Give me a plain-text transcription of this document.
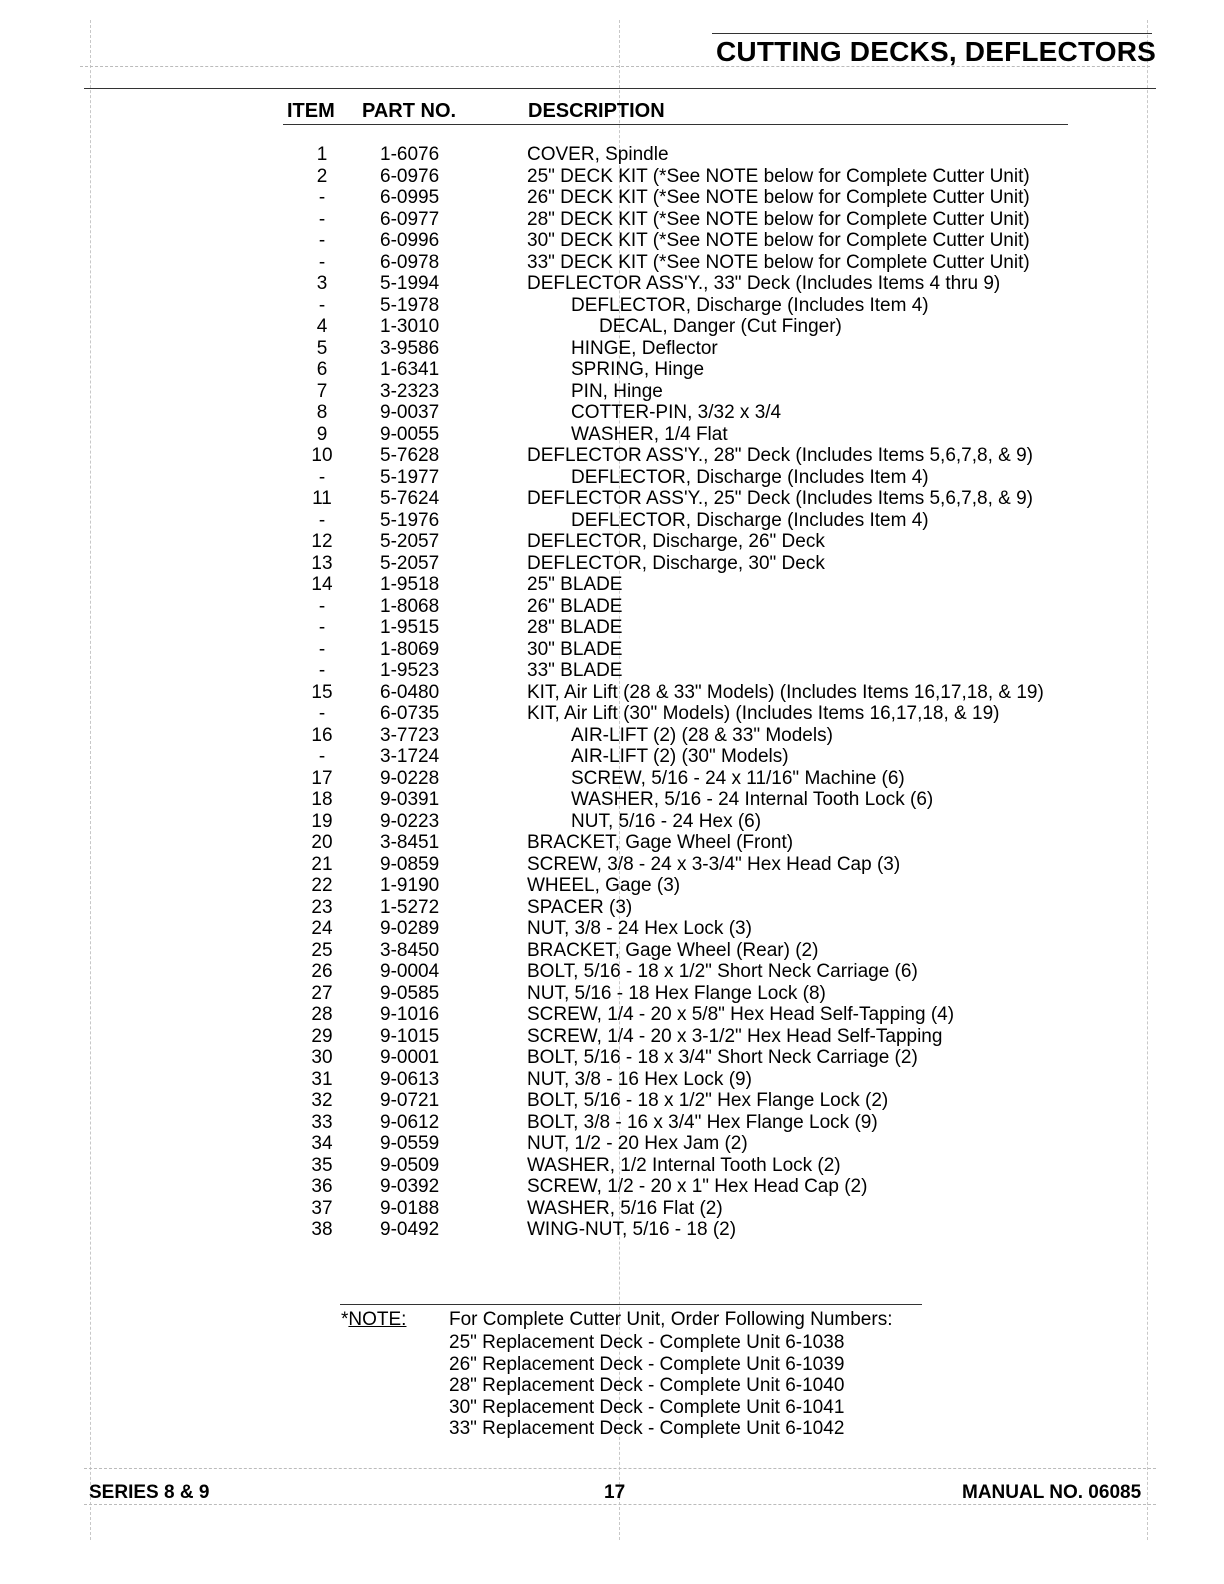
CUTTING DECKS, DEFLECTORS
ITEM PART NO.	DESCRIPTION
1	1-6076	COVER, Spindle
2	6-0976	25" DECK KIT (*See NOTE below for Complete Cutter Unit)
-	6-0995	26" DECK KIT (*See NOTE below for Complete Cutter Unit)
-	6-0977	28" DECK KIT (*See NOTE below for Complete Cutter Unit)
-	6-0996	30" DECK KIT (*See NOTE below for Complete Cutter Unit)
-	6-0978	33" DECK KIT (*See NOTE below for Complete Cutter Unit)
3	5-1994	DEFLECTOR ASS'Y., 33" Deck (Includes Items 4 thru 9)
-	5-1978	DEFLECTOR, Discharge (Includes Item 4)
4	1-3010	DECAL, Danger (Cut Finger)
5	3-9586	HINGE, Deflector
6	1-6341	SPRING, Hinge
7	3-2323	PIN, Hinge
8	9-0037	COTTER-PIN, 3/32 x 3/4
9	9-0055	WASHER, 1/4 Flat
10	5-7628	DEFLECTOR ASS'Y., 28" Deck (Includes Items 5,6,7,8, & 9)
-	5-1977	DEFLECTOR, Discharge (Includes Item 4)
11	5-7624	DEFLECTOR ASS'Y., 25" Deck (Includes Items 5,6,7,8, & 9)
-	5-1976	DEFLECTOR, Discharge (Includes Item 4)
12	5-2057	DEFLECTOR, Discharge, 26" Deck
13	5-2057	DEFLECTOR, Discharge, 30" Deck
14	1-9518	25" BLADE
-	1-8068	26" BLADE
-	1-9515	28" BLADE
-	1-8069	30" BLADE
-	1-9523	33" BLADE
15	6-0480	KIT, Air Lift (28 & 33" Models) (Includes Items 16,17,18, & 19)
-	6-0735	KIT, Air Lift (30" Models) (Includes Items 16,17,18, & 19)
16	3-7723	AIR-LIFT (2) (28 & 33" Models)
-	3-1724	AIR-LIFT (2) (30" Models)
17	9-0228	SCREW, 5/16 - 24 x 11/16" Machine (6)
18	9-0391	WASHER, 5/16 - 24 Internal Tooth Lock (6)
19	9-0223	NUT, 5/16 - 24 Hex (6)
20	3-8451	BRACKET, Gage Wheel (Front)
21	9-0859	SCREW, 3/8 - 24 x 3-3/4" Hex Head Cap (3)
22	1-9190	WHEEL, Gage (3)
23	1-5272	SPACER (3)
24	9-0289	NUT, 3/8 - 24 Hex Lock (3)
25	3-8450	BRACKET, Gage Wheel (Rear) (2)
26	9-0004	BOLT, 5/16 - 18 x 1/2" Short Neck Carriage (6)
27	9-0585	NUT, 5/16 - 18 Hex Flange Lock (8)
28	9-1016	SCREW, 1/4 - 20 x 5/8" Hex Head Self-Tapping (4)
29	9-1015	SCREW, 1/4 - 20 x 3-1/2" Hex Head Self-Tapping
30	9-0001	BOLT, 5/16 - 18 x 3/4" Short Neck Carriage (2)
31	9-0613	NUT, 3/8 - 16 Hex Lock (9)
32	9-0721	BOLT, 5/16 - 18 x 1/2" Hex Flange Lock (2)
33	9-0612	BOLT, 3/8 - 16 x 3/4" Hex Flange Lock (9)
34	9-0559	NUT, 1/2 - 20 Hex Jam (2)
35	9-0509	WASHER, 1/2 Internal Tooth Lock (2)
36	9-0392	SCREW, 1/2 - 20 x 1" Hex Head Cap (2)
37	9-0188	WASHER, 5/16 Flat (2)
38	9-0492	WING-NUT, 5/16 - 18 (2)
*NOTE: For Complete Cutter Unit, Order Following Numbers:
25" Replacement Deck - Complete Unit 6-1038
26" Replacement Deck - Complete Unit 6-1039
28" Replacement Deck - Complete Unit 6-1040
30" Replacement Deck - Complete Unit 6-1041
33" Replacement Deck - Complete Unit 6-1042
SERIES 8 & 9	17	MANUAL NO. 06085
